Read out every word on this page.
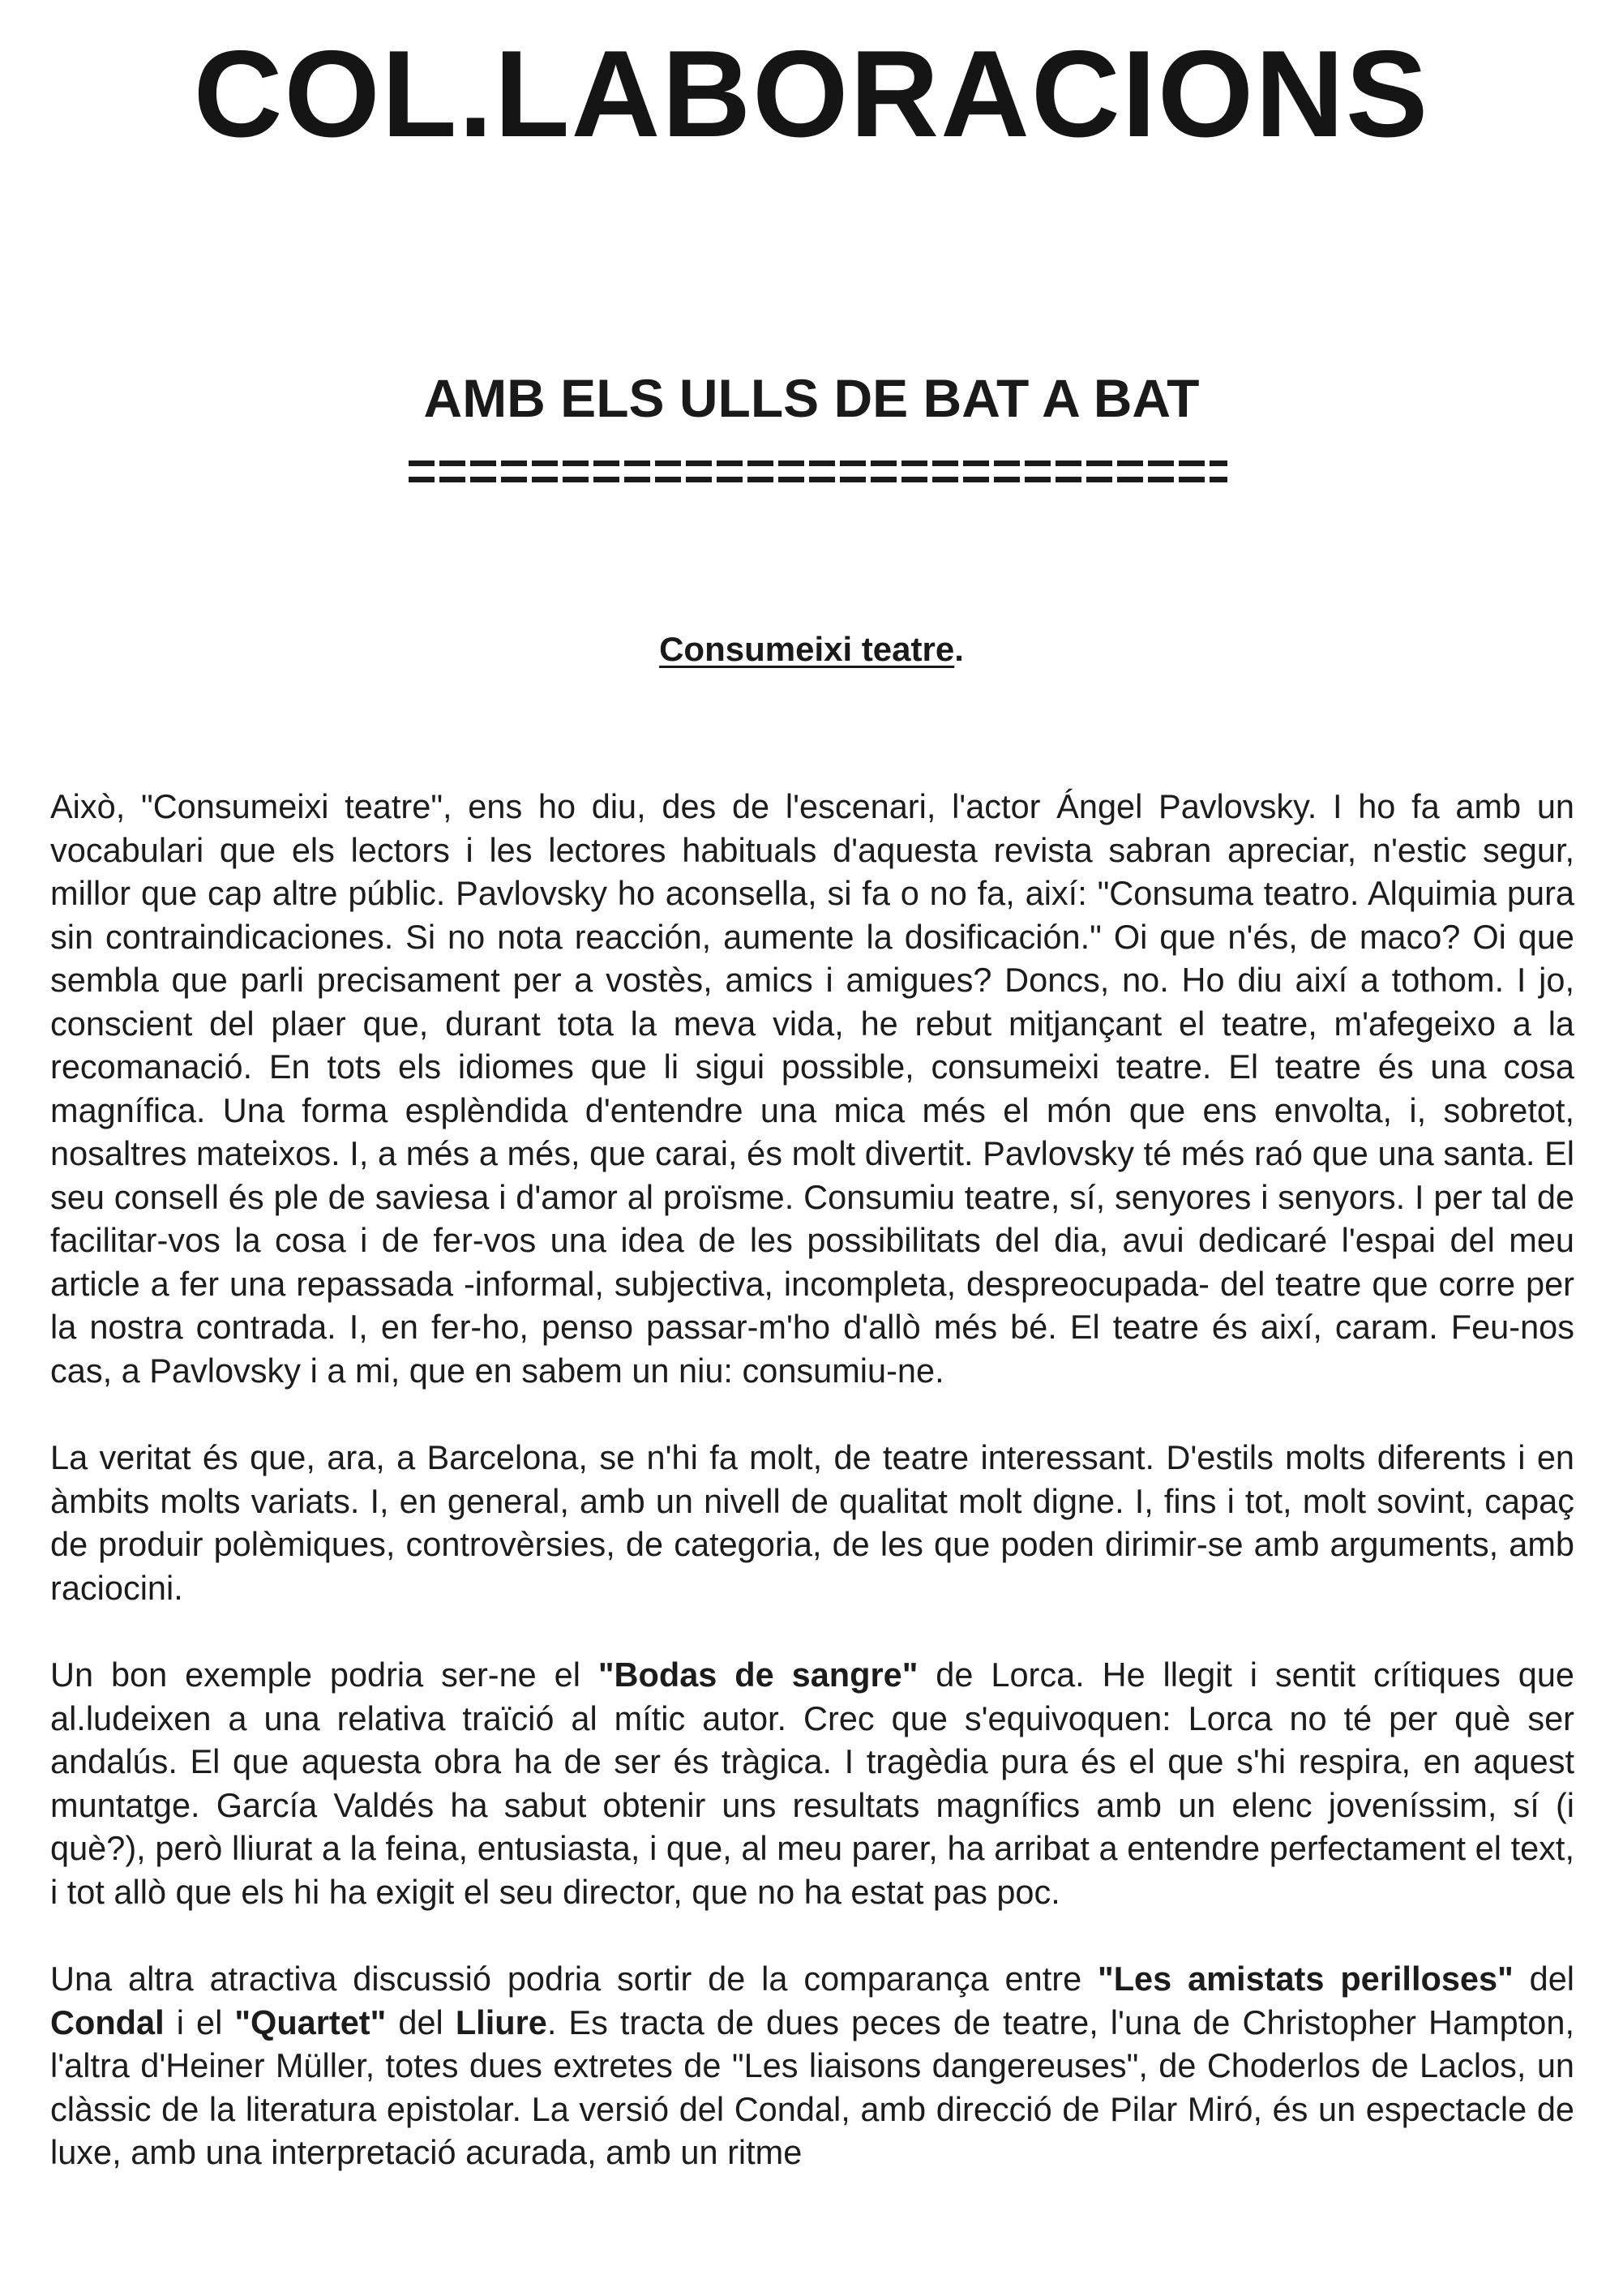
COL.LABORACIONS
AMB ELS ULLS DE BAT A BAT
Consumeixi teatre.

Això, "Consumeixi teatre", ens ho diu, des de l'escenari, l'actor Ángel Pavlovsky. I ho fa amb un vocabulari que els lectors i les lectores habituals d'aquesta revista sabran apreciar, n'estic segur, millor que cap altre públic. Pavlovsky ho aconsella, si fa o no fa, així: "Consuma teatro. Alquimia pura sin contraindicaciones. Si no nota reacción, aumente la dosificación." Oi que n'és, de maco? Oi que sembla que parli precisament per a vostès, amics i amigues? Doncs, no. Ho diu així a tothom. I jo, conscient del plaer que, durant tota la meva vida, he rebut mitjançant el teatre, m'afegeixo a la recomanació. En tots els idiomes que li sigui possible, consumeixi teatre. El teatre és una cosa magnífica. Una forma esplèndida d'entendre una mica més el món que ens envolta, i, sobretot, nosaltres mateixos. I, a més a més, que carai, és molt divertit. Pavlovsky té més raó que una santa. El seu consell és ple de saviesa i d'amor al proïsme. Consumiu teatre, sí, senyores i senyors. I per tal de facilitar-vos la cosa i de fer-vos una idea de les possibilitats del dia, avui dedicaré l'espai del meu article a fer una repassada -informal, subjectiva, incompleta, despreocupada- del teatre que corre per la nostra contrada. I, en fer-ho, penso passar-m'ho d'allò més bé. El teatre és així, caram. Feu-nos cas, a Pavlovsky i a mi, que en sabem un niu: consumiu-ne.

La veritat és que, ara, a Barcelona, se n'hi fa molt, de teatre interessant. D'estils molts diferents i en àmbits molts variats. I, en general, amb un nivell de qualitat molt digne. I, fins i tot, molt sovint, capaç de produir polèmiques, controvèrsies, de categoria, de les que poden dirimir-se amb arguments, amb raciocini.

Un bon exemple podria ser-ne el "Bodas de sangre" de Lorca. He llegit i sentit crítiques que al.ludeixen a una relativa traïció al mític autor. Crec que s'equivoquen: Lorca no té per què ser andalús. El que aquesta obra ha de ser és tràgica. I tragèdia pura és el que s'hi respira, en aquest muntatge. García Valdés ha sabut obtenir uns resultats magnífics amb un elenc joveníssim, sí (i què?), però lliurat a la feina, entusiasta, i que, al meu parer, ha arribat a entendre perfectament el text, i tot allò que els hi ha exigit el seu director, que no ha estat pas poc.

Una altra atractiva discussió podria sortir de la comparança entre "Les amistats perilloses" del Condal i el "Quartet" del Lliure. Es tracta de dues peces de teatre, l'una de Christopher Hampton, l'altra d'Heiner Müller, totes dues extretes de "Les liaisons dangereuses", de Choderlos de Laclos, un clàssic de la literatura epistolar. La versió del Condal, amb direcció de Pilar Miró, és un espectacle de luxe, amb una interpretació acurada, amb un ritme
